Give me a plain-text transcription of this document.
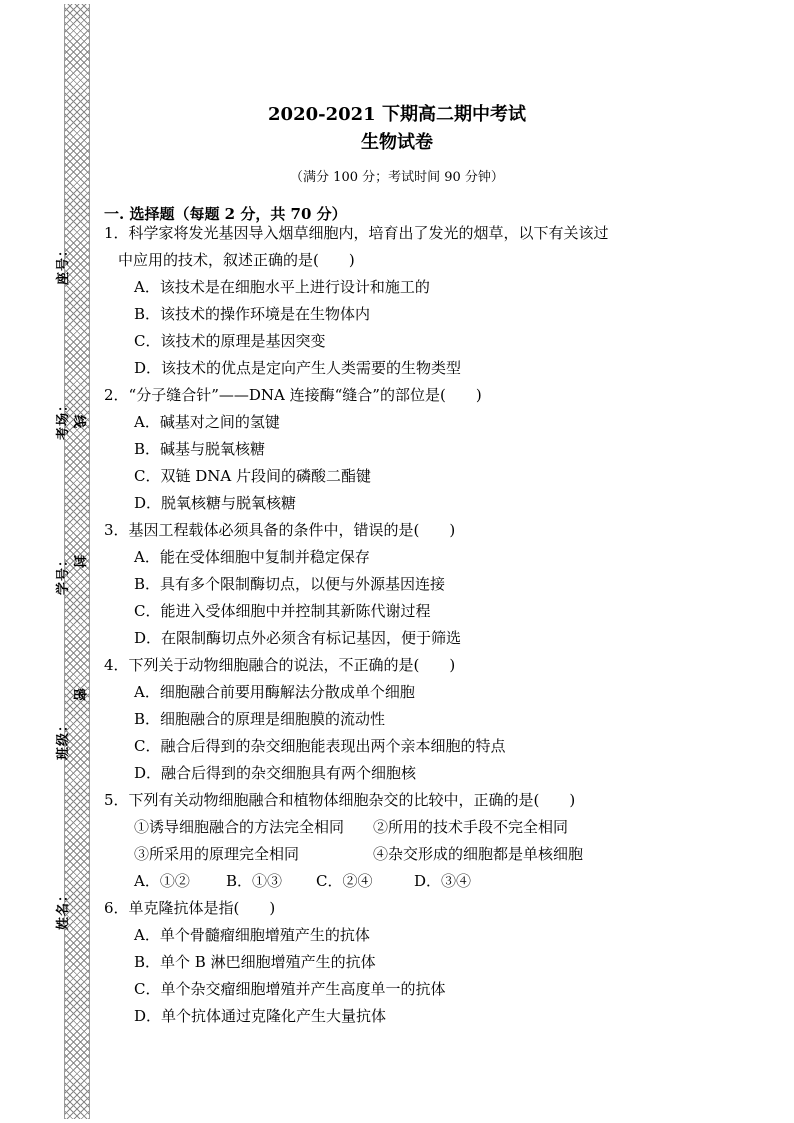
座号：
考场：
学号：
班级：
姓名：
线
封
密
2020-2021 下期高二期中考试
生物试卷
（满分 100 分；考试时间 90 分钟）
一. 选择题（每题 2 分，共 70 分）
1．科学家将发光基因导入烟草细胞内，培育出了发光的烟草，以下有关该过
中应用的技术，叙述正确的是(　　)
A．该技术是在细胞水平上进行设计和施工的
B．该技术的操作环境是在生物体内
C．该技术的原理是基因突变
D．该技术的优点是定向产生人类需要的生物类型
2．“分子缝合针”——DNA 连接酶“缝合”的部位是(　　)
A．碱基对之间的氢键
B．碱基与脱氧核糖
C．双链 DNA 片段间的磷酸二酯键
D．脱氧核糖与脱氧核糖
3．基因工程载体必须具备的条件中，错误的是(　　)
A．能在受体细胞中复制并稳定保存
B．具有多个限制酶切点，以便与外源基因连接
C．能进入受体细胞中并控制其新陈代谢过程
D．在限制酶切点外必须含有标记基因，便于筛选
4．下列关于动物细胞融合的说法，不正确的是(　　)
A．细胞融合前要用酶解法分散成单个细胞
B．细胞融合的原理是细胞膜的流动性
C．融合后得到的杂交细胞能表现出两个亲本细胞的特点
D．融合后得到的杂交细胞具有两个细胞核
5．下列有关动物细胞融合和植物体细胞杂交的比较中，正确的是(　　)
①诱导细胞融合的方法完全相同 ②所用的技术手段不完全相同
③所采用的原理完全相同	④杂交形成的细胞都是单核细胞
A．①② B．①③ C．②④	D．③④
6．单克隆抗体是指(　　)
A．单个骨髓瘤细胞增殖产生的抗体
B．单个 B 淋巴细胞增殖产生的抗体
C．单个杂交瘤细胞增殖并产生高度单一的抗体
D．单个抗体通过克隆化产生大量抗体
